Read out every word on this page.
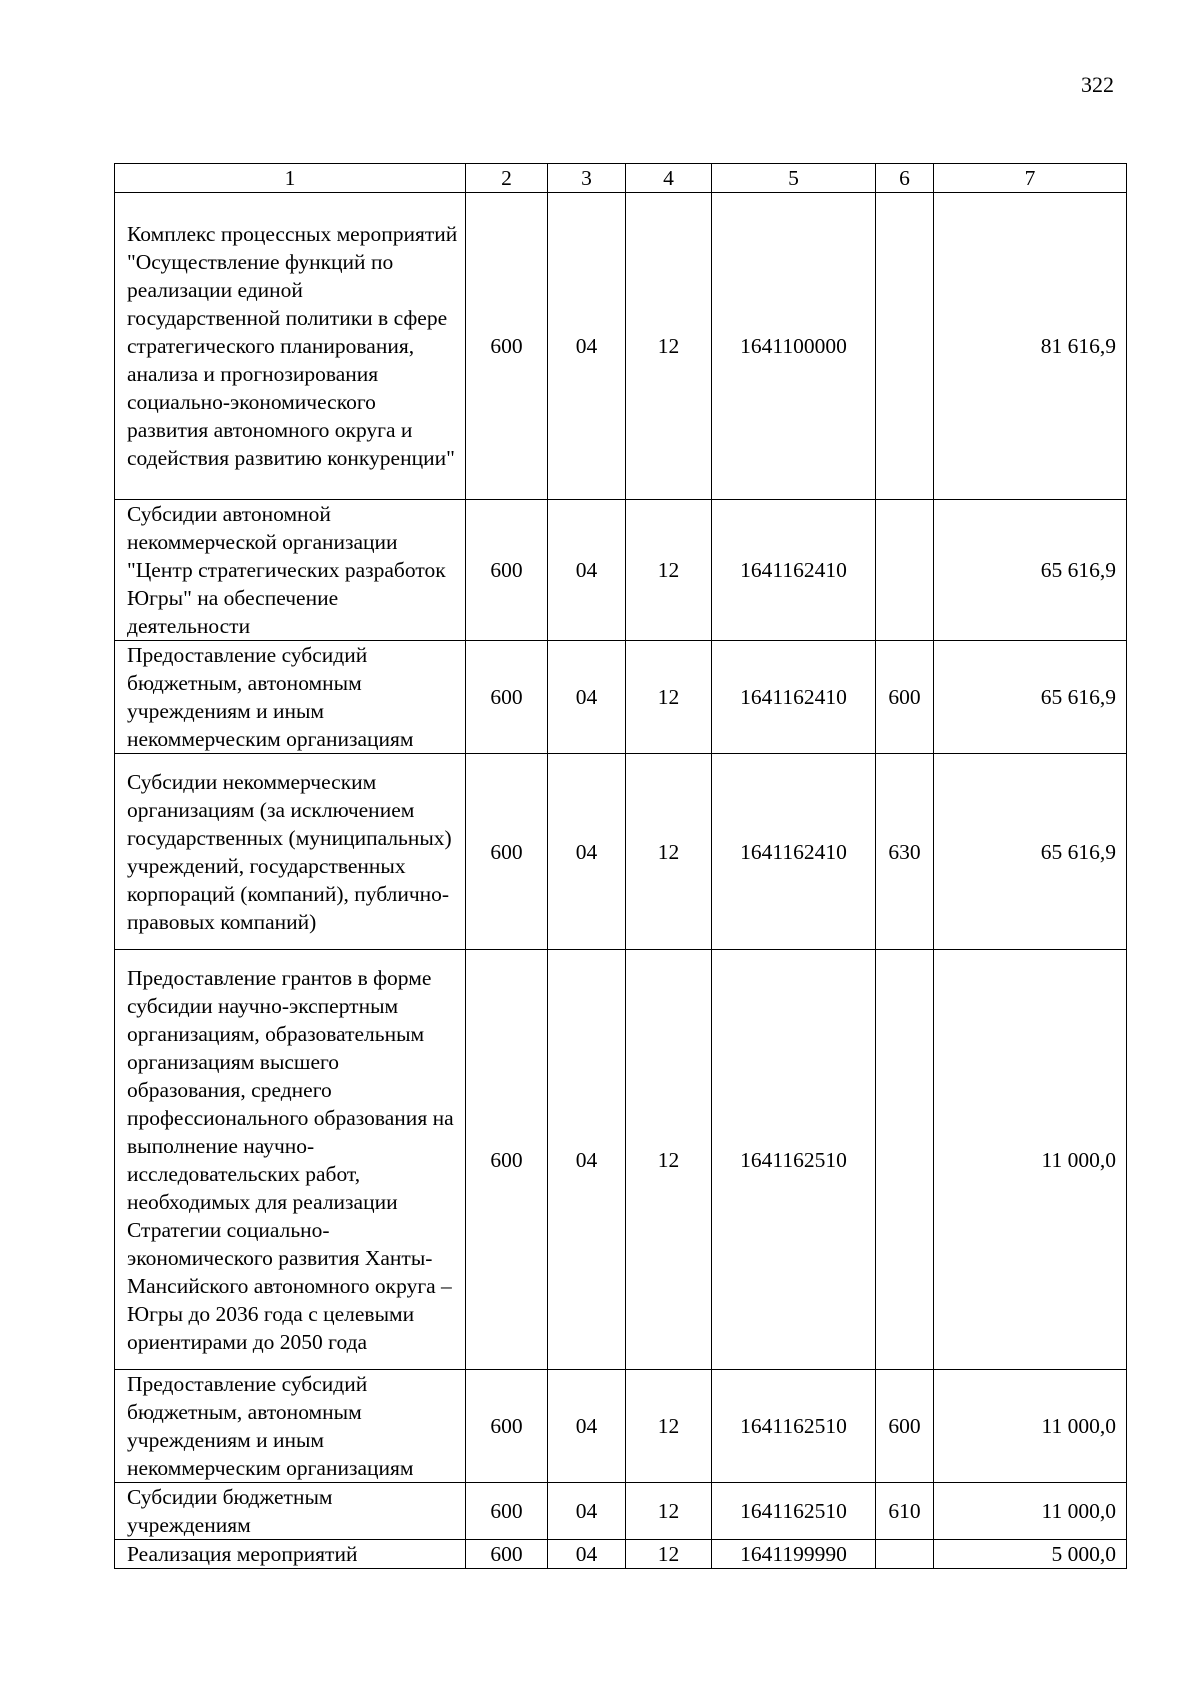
322
1	2	3	4	5	6	7
Комплекс процессных мероприятий "Осуществление функций по реализации единой государственной политики в сфере стратегического планирования, анализа и прогнозирования социально-экономического развития автономного округа и содействия развитию конкуренции"	600	04	12	1641100000		81 616,9
Субсидии автономной некоммерческой организации "Центр стратегических разработок Югры" на обеспечение деятельности	600	04	12	1641162410		65 616,9
Предоставление субсидий бюджетным, автономным учреждениям и иным некоммерческим организациям	600	04	12	1641162410	600	65 616,9
Субсидии некоммерческим организациям (за исключением государственных (муниципальных) учреждений, государственных корпораций (компаний), публично-правовых компаний)	600	04	12	1641162410	630	65 616,9
Предоставление грантов в форме субсидии научно-экспертным организациям, образовательным организациям высшего образования, среднего профессионального образования на выполнение научно-исследовательских работ, необходимых для реализации Стратегии социально-экономического развития Ханты-Мансийского автономного округа – Югры до 2036 года с целевыми ориентирами до 2050 года	600	04	12	1641162510		11 000,0
Предоставление субсидий бюджетным, автономным учреждениям и иным некоммерческим организациям	600	04	12	1641162510	600	11 000,0
Субсидии бюджетным учреждениям	600	04	12	1641162510	610	11 000,0
Реализация мероприятий	600	04	12	1641199990		5 000,0
